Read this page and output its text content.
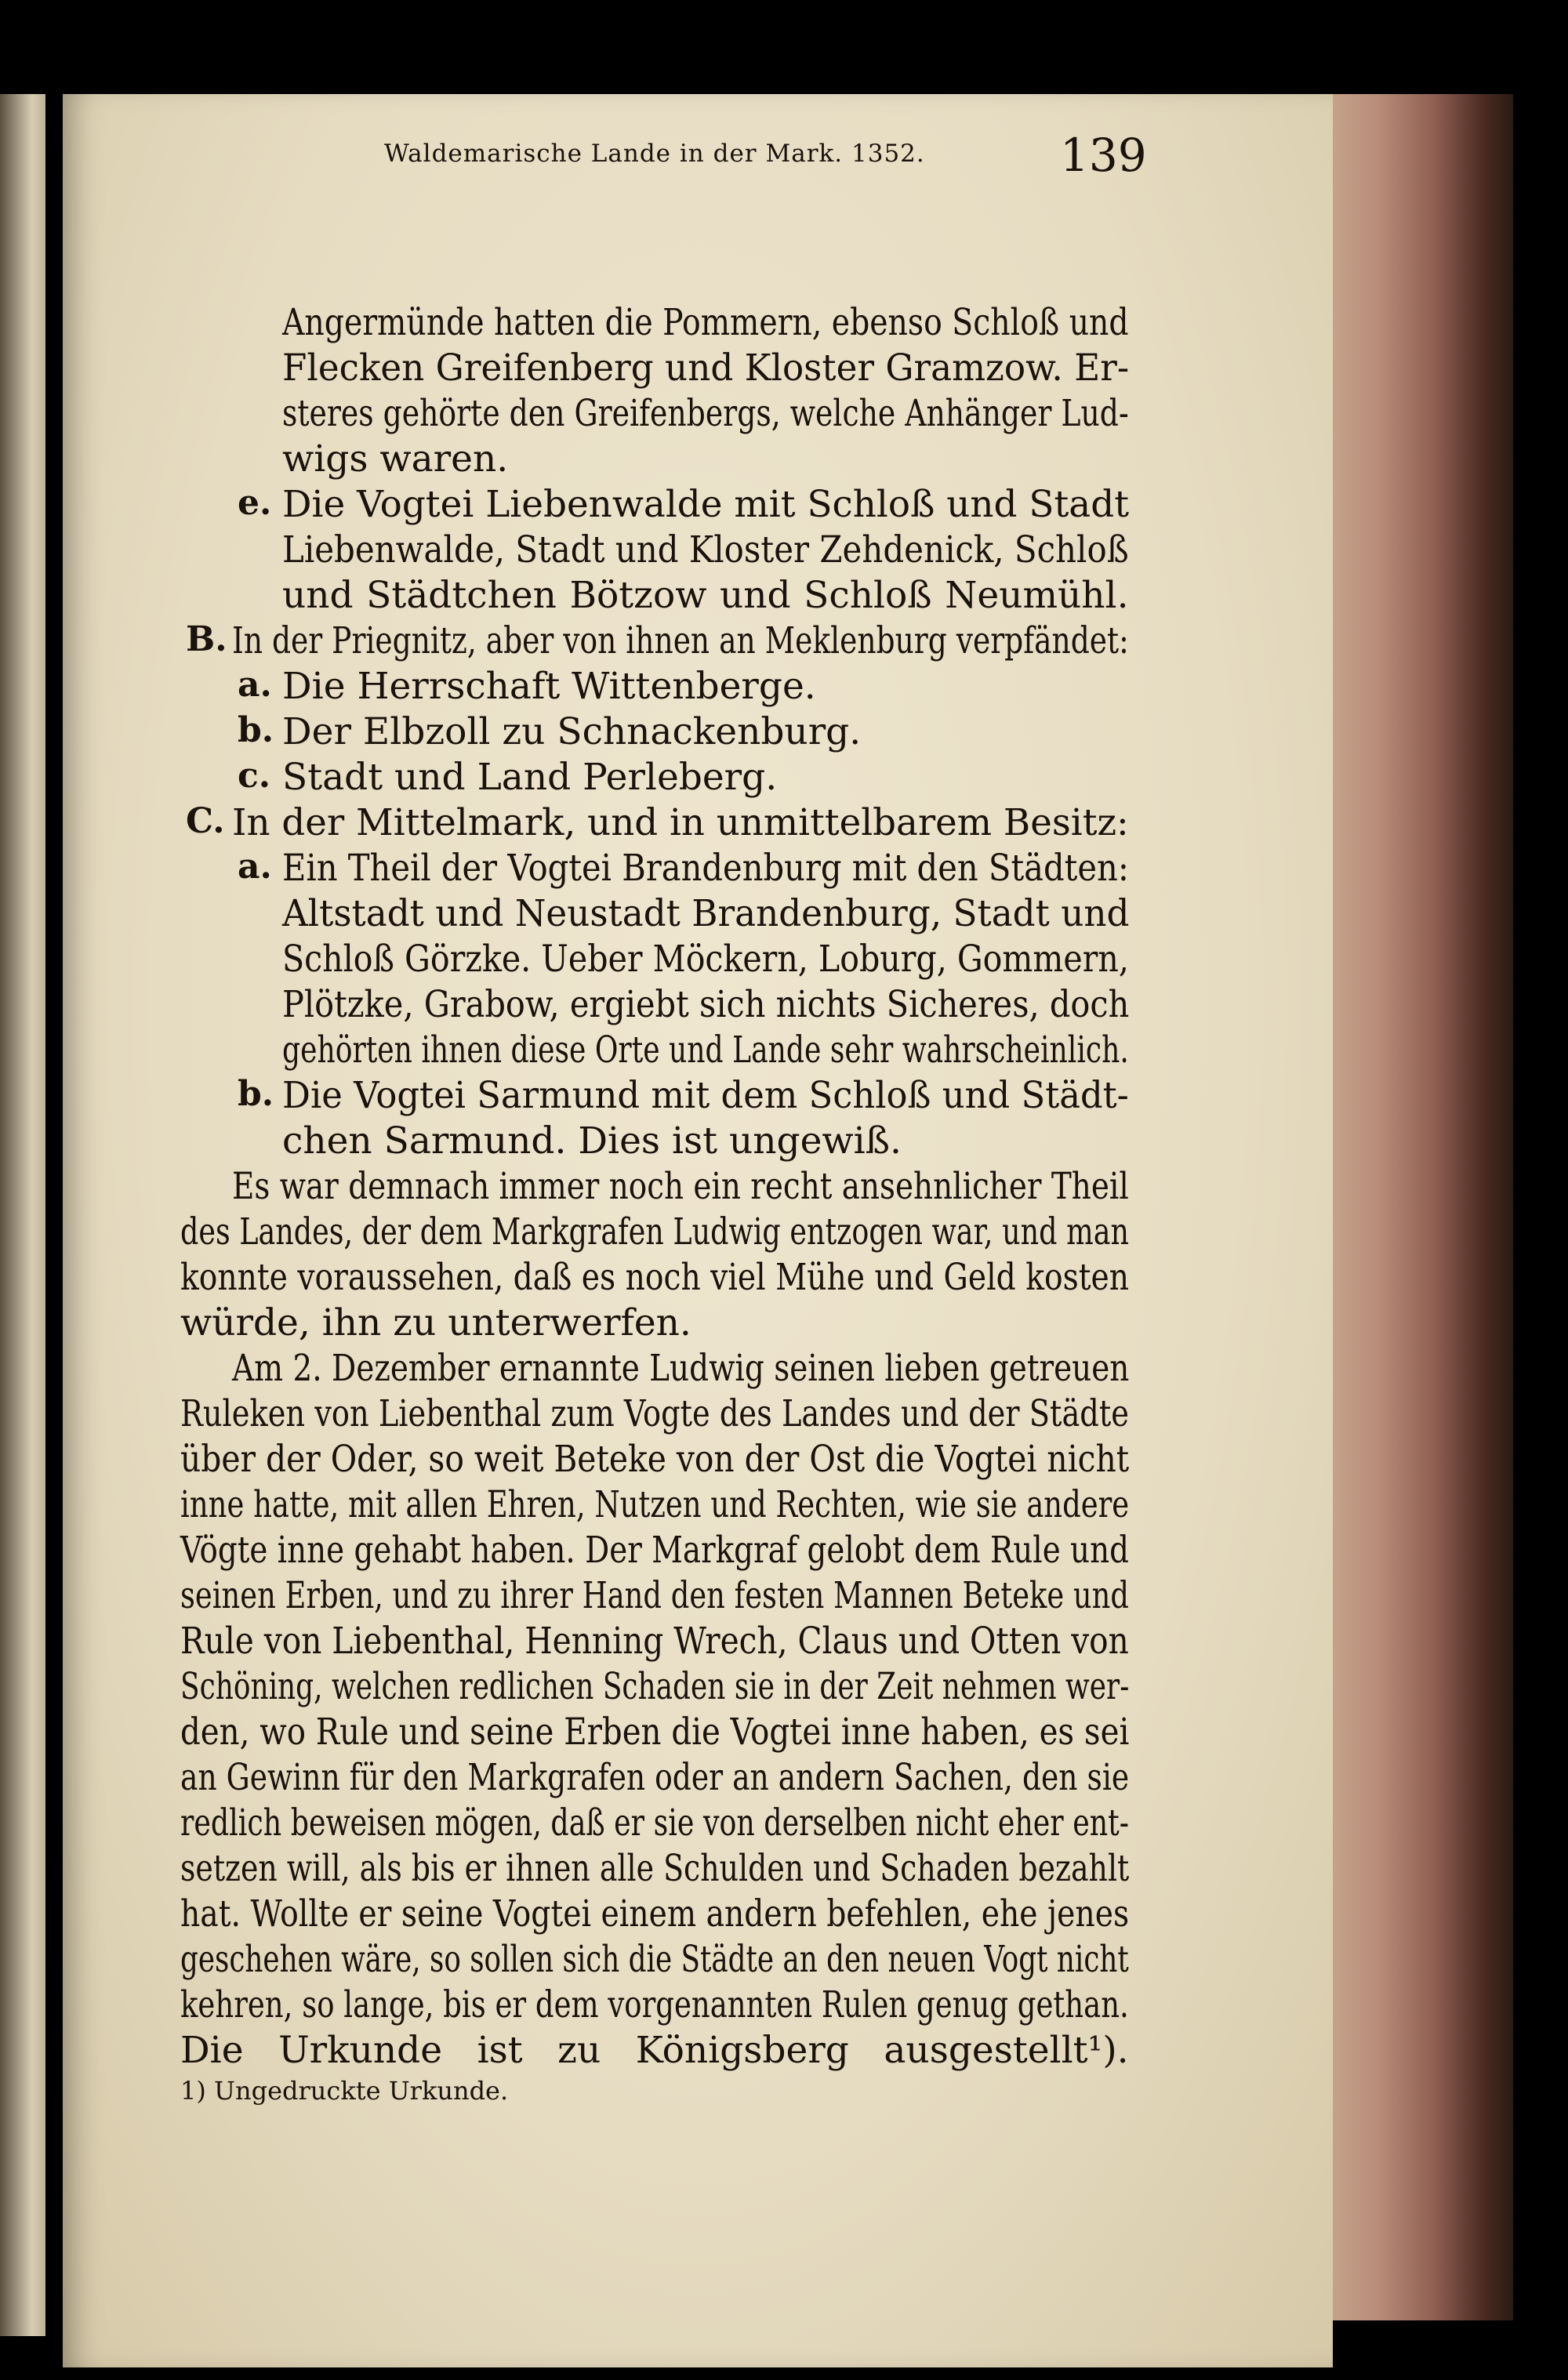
Waldemarische Lande in der Mark. 1352.	139
e.
B.
a.
b.
c.
C.
a.
b.
Angermünde hatten die Pommern, ebenso Schloß und
Flecken Greifenberg und Kloster Gramzow. Er-
steres gehörte den Greifenbergs, welche Anhänger Lud-
wigs waren.
Die Vogtei Liebenwalde mit Schloß und Stadt
Liebenwalde, Stadt und Kloster Zehdenick, Schloß
und Städtchen Bötzow und Schloß Neumühl.
In der Priegnitz, aber von ihnen an Meklenburg verpfändet:
Die Herrschaft Wittenberge.
Der Elbzoll zu Schnackenburg.
Stadt und Land Perleberg.
In der Mittelmark, und in unmittelbarem Besitz:
Ein Theil der Vogtei Brandenburg mit den Städten:
Altstadt und Neustadt Brandenburg, Stadt und
Schloß Görzke. Ueber Möckern, Loburg, Gommern,
Plötzke, Grabow, ergiebt sich nichts Sicheres, doch
gehörten ihnen diese Orte und Lande sehr wahrscheinlich.
Die Vogtei Sarmund mit dem Schloß und Städt-
chen Sarmund. Dies ist ungewiß.
Es war demnach immer noch ein recht ansehnlicher Theil
des Landes, der dem Markgrafen Ludwig entzogen war, und man
konnte voraussehen, daß es noch viel Mühe und Geld kosten
würde, ihn zu unterwerfen.
Am 2. Dezember ernannte Ludwig seinen lieben getreuen
Ruleken von Liebenthal zum Vogte des Landes und der Städte
über der Oder, so weit Beteke von der Ost die Vogtei nicht
inne hatte, mit allen Ehren, Nutzen und Rechten, wie sie andere
Vögte inne gehabt haben. Der Markgraf gelobt dem Rule und
seinen Erben, und zu ihrer Hand den festen Mannen Beteke und
Rule von Liebenthal, Henning Wrech, Claus und Otten von
Schöning, welchen redlichen Schaden sie in der Zeit nehmen wer-
den, wo Rule und seine Erben die Vogtei inne haben, es sei
an Gewinn für den Markgrafen oder an andern Sachen, den sie
redlich beweisen mögen, daß er sie von derselben nicht eher ent-
setzen will, als bis er ihnen alle Schulden und Schaden bezahlt
hat. Wollte er seine Vogtei einem andern befehlen, ehe jenes
geschehen wäre, so sollen sich die Städte an den neuen Vogt nicht
kehren, so lange, bis er dem vorgenannten Rulen genug gethan.
Die Urkunde ist zu Königsberg ausgestellt¹).
1) Ungedruckte Urkunde.
